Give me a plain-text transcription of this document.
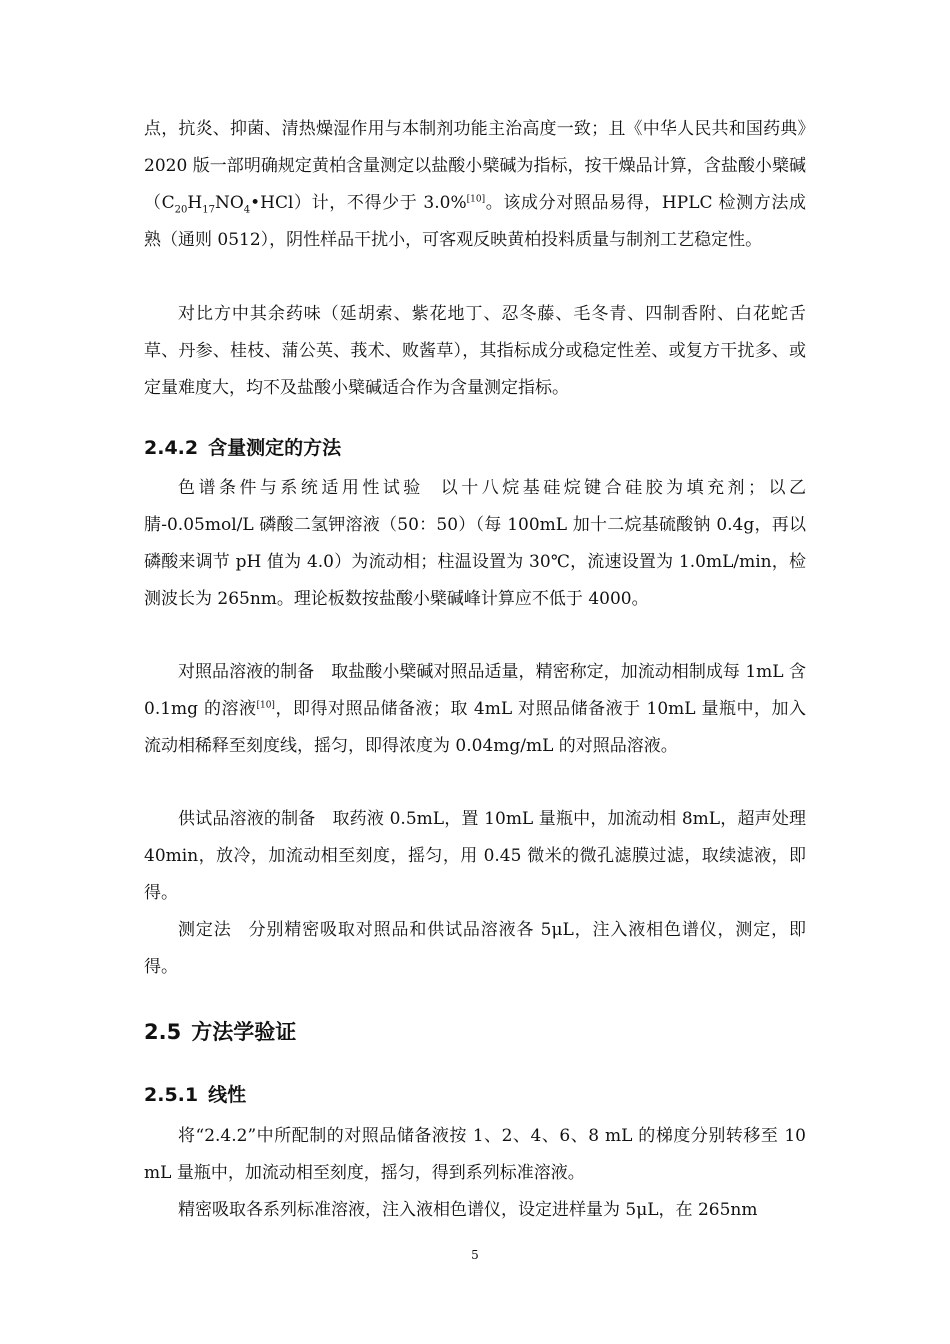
点，抗炎、抑菌、清热燥湿作用与本制剂功能主治高度一致；且《中华人民共和国药典》2020 版一部明确规定黄柏含量测定以盐酸小檗碱为指标，按干燥品计算，含盐酸小檗碱$(C_{20}H_{17}NO_4•HCl)$计，不得少于 3.0%[10]。该成分对照品易得，HPLC 检测方法成熟（通则 0512），阴性样品干扰小，可客观反映黄柏投料质量与制剂工艺稳定性。

对比方中其余药味（延胡索、紫花地丁、忍冬藤、毛冬青、四制香附、白花蛇舌草、丹参、桂枝、蒲公英、莪术、败酱草），其指标成分或稳定性差、或复方干扰多、或定量难度大，均不及盐酸小檗碱适合作为含量测定指标。

2.4.2 含量测定的方法

色谱条件与系统适用性试验 以十八烷基硅烷键合硅胶为填充剂；以乙腈-0.05mol/L 磷酸二氢钾溶液（50：50）（每 100mL 加十二烷基硫酸钠 0.4g，再以磷酸来调节 pH 值为 4.0）为流动相；柱温设置为 30℃，流速设置为 1.0mL/min，检测波长为 265nm。理论板数按盐酸小檗碱峰计算应不低于 4000。

对照品溶液的制备 取盐酸小檗碱对照品适量，精密称定，加流动相制成每 1mL 含 0.1mg 的溶液[10]，即得对照品储备液；取 4mL 对照品储备液于 10mL 量瓶中，加入流动相稀释至刻度线，摇匀，即得浓度为 0.04mg/mL 的对照品溶液。

供试品溶液的制备 取药液 0.5mL，置 10mL 量瓶中，加流动相 8mL，超声处理 40min，放冷，加流动相至刻度，摇匀，用 0.45 微米的微孔滤膜过滤，取续滤液，即得。

测定法 分别精密吸取对照品和供试品溶液各 5μL，注入液相色谱仪，测定，即得。

2.5 方法学验证
2.5.1 线性

将“2.4.2”中所配制的对照品储备液按 1、2、4、6、8 mL 的梯度分别转移至 10 mL 量瓶中，加流动相至刻度，摇匀，得到系列标准溶液。

精密吸取各系列标准溶液，注入液相色谱仪，设定进样量为 5μL，在 265nm

5
